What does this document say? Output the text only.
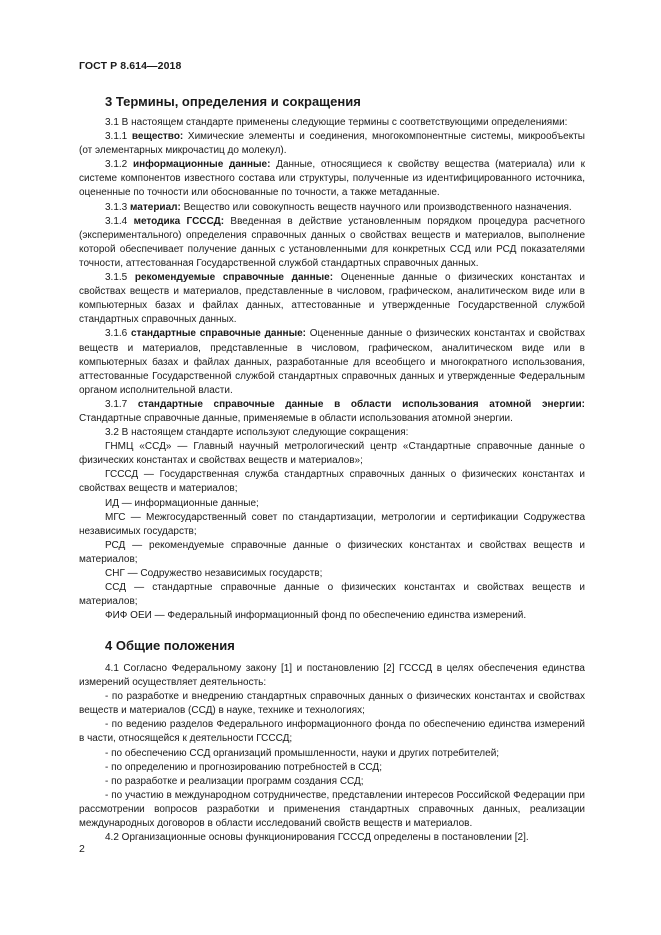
ГОСТ Р 8.614—2018
3 Термины, определения и сокращения

3.1 В настоящем стандарте применены следующие термины с соответствующими определениями:

3.1.1 вещество: Химические элементы и соединения, многокомпонентные системы, микрообъекты (от элементарных микрочастиц до молекул).

3.1.2 информационные данные: Данные, относящиеся к свойству вещества (материала) или к системе компонентов известного состава или структуры, полученные из идентифицированного источника, оцененные по точности или обоснованные по точности, а также метаданные.

3.1.3 материал: Вещество или совокупность веществ научного или производственного назначения.

3.1.4 методика ГСССД: Введенная в действие установленным порядком процедура расчетного (экспериментального) определения справочных данных о свойствах веществ и материалов, выполнение которой обеспечивает получение данных с установленными для конкретных ССД или РСД показателями точности, аттестованная Государственной службой стандартных справочных данных.

3.1.5 рекомендуемые справочные данные: Оцененные данные о физических константах и свойствах веществ и материалов, представленные в числовом, графическом, аналитическом виде или в компьютерных базах и файлах данных, аттестованные и утвержденные Государственной службой стандартных справочных данных.

3.1.6 стандартные справочные данные: Оцененные данные о физических константах и свойствах веществ и материалов, представленные в числовом, графическом, аналитическом виде или в компьютерных базах и файлах данных, разработанные для всеобщего и многократного использования, аттестованные Государственной службой стандартных справочных данных и утвержденные Федеральным органом исполнительной власти.

3.1.7 стандартные справочные данные в области использования атомной энергии: Стандартные справочные данные, применяемые в области использования атомной энергии.

3.2 В настоящем стандарте используют следующие сокращения:

ГНМЦ «ССД» — Главный научный метрологический центр «Стандартные справочные данные о физических константах и свойствах веществ и материалов»;

ГСССД — Государственная служба стандартных справочных данных о физических константах и свойствах веществ и материалов;

ИД — информационные данные;

МГС — Межгосударственный совет по стандартизации, метрологии и сертификации Содружества независимых государств;

РСД — рекомендуемые справочные данные о физических константах и свойствах веществ и материалов;

СНГ — Содружество независимых государств;

ССД — стандартные справочные данные о физических константах и свойствах веществ и материалов;

ФИФ ОЕИ — Федеральный информационный фонд по обеспечению единства измерений.

4 Общие положения

4.1 Согласно Федеральному закону [1] и постановлению [2] ГСССД в целях обеспечения единства измерений осуществляет деятельность:

- по разработке и внедрению стандартных справочных данных о физических константах и свойствах веществ и материалов (ССД) в науке, технике и технологиях;

- по ведению разделов Федерального информационного фонда по обеспечению единства измерений в части, относящейся к деятельности ГСССД;

- по обеспечению ССД организаций промышленности, науки и других потребителей;

- по определению и прогнозированию потребностей в ССД;

- по разработке и реализации программ создания ССД;

- по участию в международном сотрудничестве, представлении интересов Российской Федерации при рассмотрении вопросов разработки и применения стандартных справочных данных, реализации международных договоров в области исследований свойств веществ и материалов.

4.2 Организационные основы функционирования ГСССД определены в постановлении [2].

2
